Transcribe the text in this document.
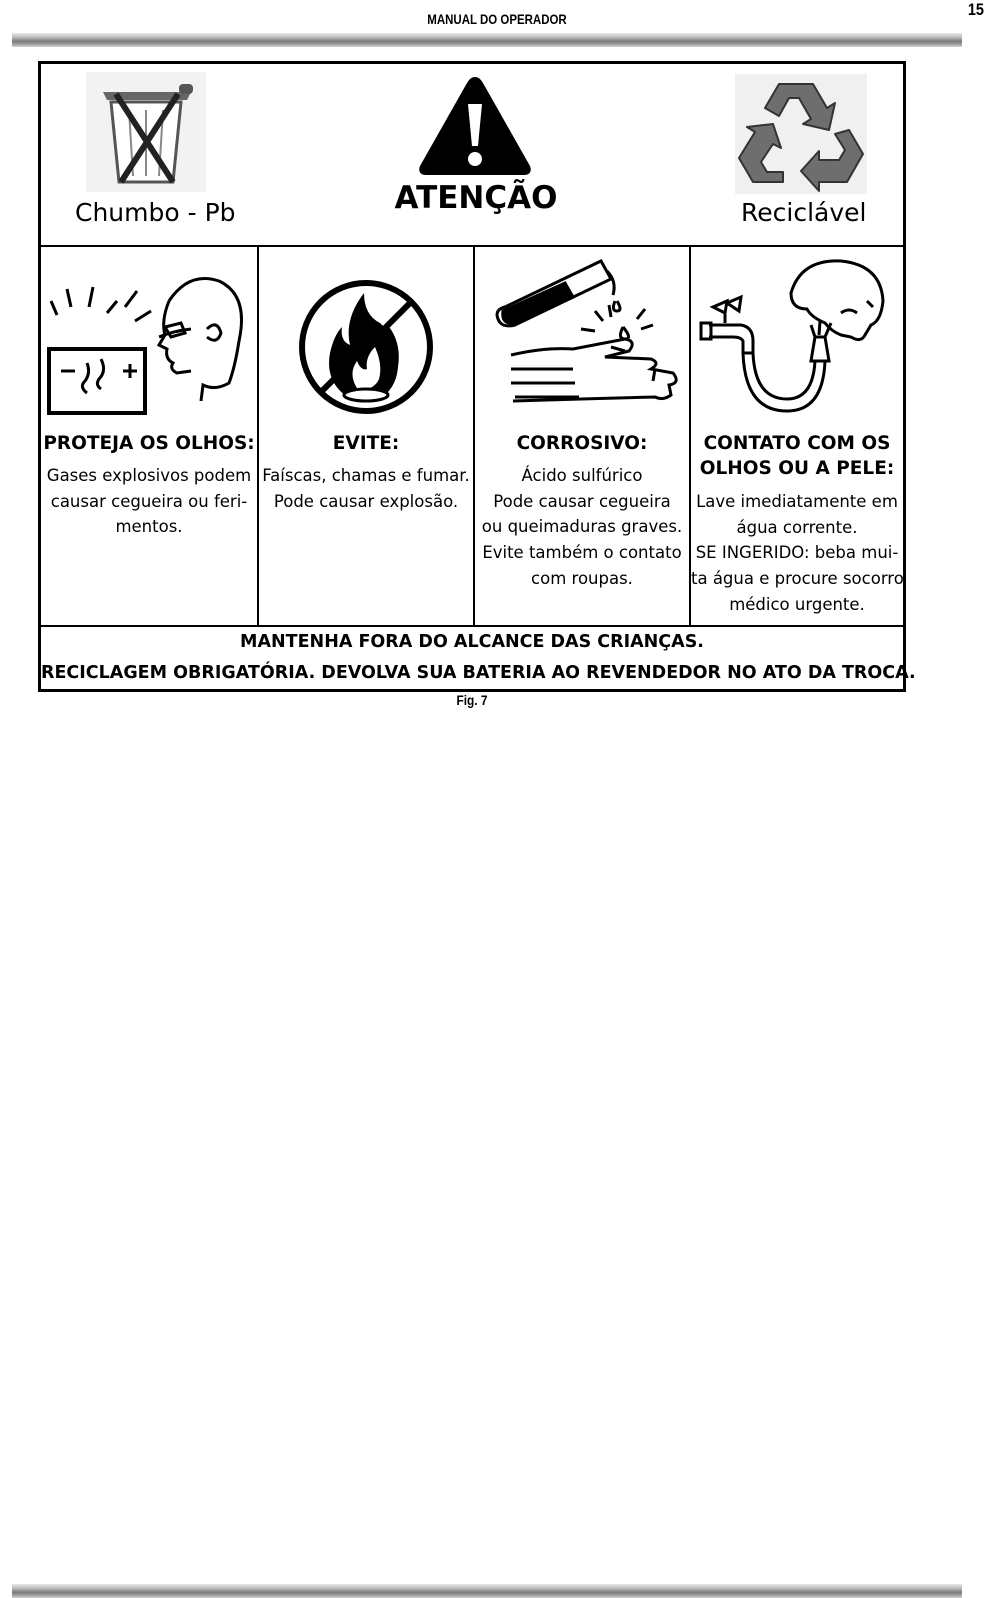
MANUAL DO OPERADOR	15
Chumbo - Pb	ATENÇÃO	Reciclável
PROTEJA OS OLHOS:
Gases explosivos podem
causar cegueira ou feri-
mentos.
EVITE:
Faíscas, chamas e fumar.
Pode causar explosão.
CORROSIVO:
Ácido sulfúrico
Pode causar cegueira
ou queimaduras graves.
Evite também o contato
com roupas.
CONTATO COM OS
OLHOS OU A PELE:
Lave imediatamente em
água corrente.
SE INGERIDO: beba mui-
ta água e procure socorro
médico urgente.
MANTENHA FORA DO ALCANCE DAS CRIANÇAS.
RECICLAGEM OBRIGATÓRIA. DEVOLVA SUA BATERIA AO REVENDEDOR NO ATO DA TROCA.
Fig. 7
